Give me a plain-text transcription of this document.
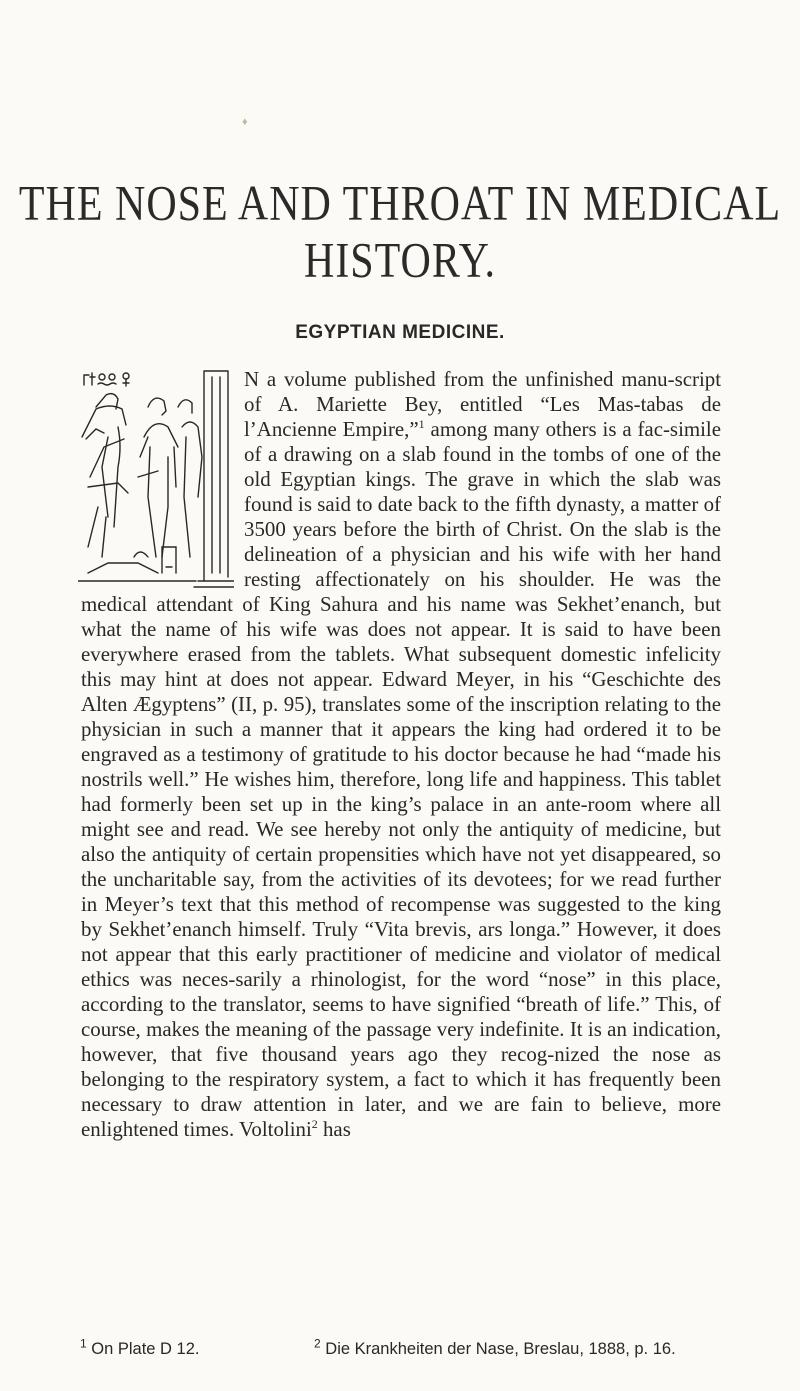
♦
THE NOSE AND THROAT IN MEDICAL HISTORY.
EGYPTIAN MEDICINE.
N a volume published from the unfinished manu-script of A. Mariette Bey, entitled “Les Mas-tabas de l’Ancienne Empire,”$^1$ among many others is a fac-simile of a drawing on a slab found in the tombs of one of the old Egyptian kings. The grave in which the slab was found is said to date back to the fifth dynasty, a matter of 3500 years before the birth of Christ. On the slab is the delineation of a physician and his wife with her hand resting affectionately on his shoulder. He was the medical attendant of King Sahura and his name was Sekhet’enanch, but what the name of his wife was does not appear. It is said to have been everywhere erased from the tablets. What subsequent domestic infelicity this may hint at does not appear. Edward Meyer, in his “Geschichte des Alten Ægyptens” (II, p. 95), translates some of the inscription relating to the physician in such a manner that it appears the king had ordered it to be engraved as a testimony of gratitude to his doctor because he had “made his nostrils well.” He wishes him, therefore, long life and happiness. This tablet had formerly been set up in the king’s palace in an ante-room where all might see and read. We see hereby not only the antiquity of medicine, but also the antiquity of certain propensities which have not yet disappeared, so the uncharitable say, from the activities of its devotees; for we read further in Meyer’s text that this method of recompense was suggested to the king by Sekhet’enanch himself. Truly “Vita brevis, ars longa.” However, it does not appear that this early practitioner of medicine and violator of medical ethics was neces-sarily a rhinologist, for the word “nose” in this place, according to the translator, seems to have signified “breath of life.” This, of course, makes the meaning of the passage very indefinite. It is an indication, however, that five thousand years ago they recog-nized the nose as belonging to the respiratory system, a fact to which it has frequently been necessary to draw attention in later, and we are fain to believe, more enlightened times. Voltolini$^2$ has
$^1$ On Plate D 12.	$^2$ Die Krankheiten der Nase, Breslau, 1888, p. 16.
